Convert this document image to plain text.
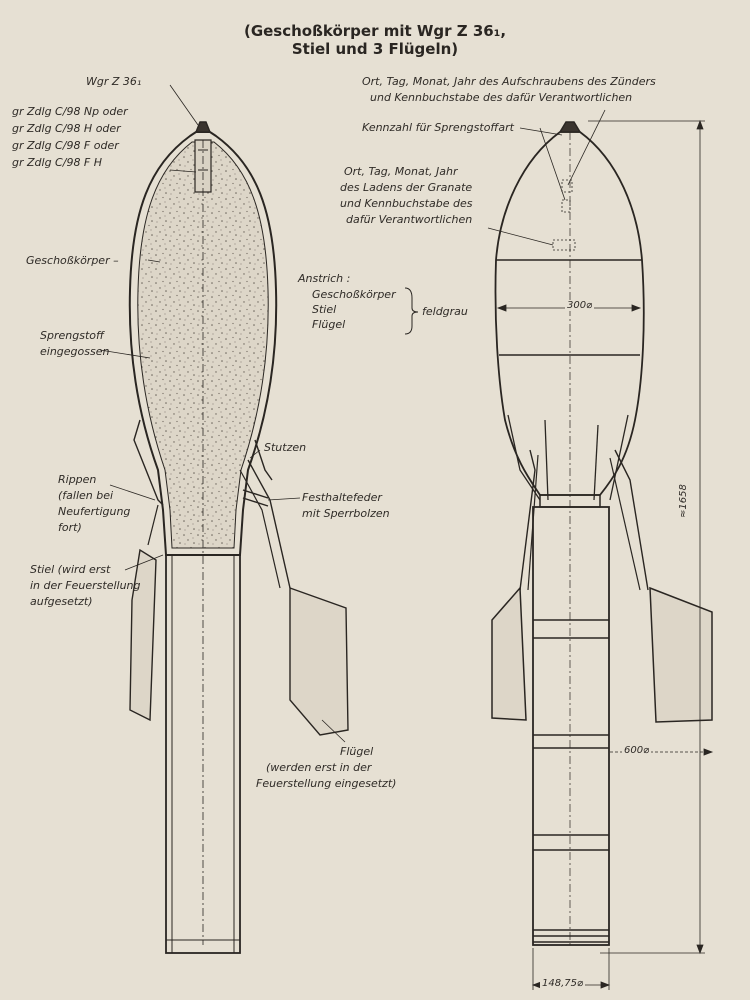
(Geschoßkörper mit Wgr Z 36₁,
Stiel und 3 Flügeln)
Wgr Z 36₁
gr Zdlg C/98 Np oder
gr Zdlg C/98 H oder
gr Zdlg C/98 F oder
gr Zdlg C/98 F H
Geschoßkörper –
Sprengstoff
eingegossen
Rippen
(fallen bei
Neufertigung
fort)
Stiel (wird erst
in der Feuerstellung
aufgesetzt)
Stutzen
Festhaltefeder
mit Sperrbolzen
Flügel
(werden erst in der
Feuerstellung eingesetzt)
Ort, Tag, Monat, Jahr des Aufschraubens des Zünders
und Kennbuchstabe des dafür Verantwortlichen
Kennzahl für Sprengstoffart
Ort, Tag, Monat, Jahr
des Ladens der Granate
und Kennbuchstabe des
dafür Verantwortlichen
Anstrich :
Geschoßkörper
Stiel
Flügel
feldgrau	300⌀
600⌀
148,75⌀
≈1658
